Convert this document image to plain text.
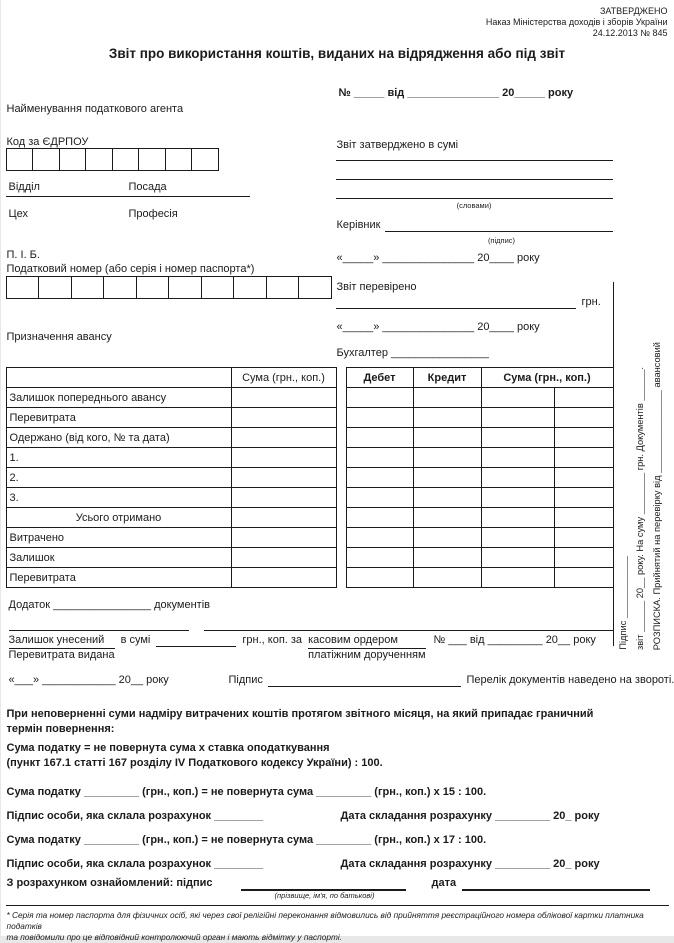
ЗАТВЕРДЖЕНО
Наказ Міністерства доходів і зборів України
24.12.2013 № 845
Звіт про використання коштів, виданих на відрядження або під звіт
№ _____ від _______________ 20_____ року
Найменування податкового агента
Код за ЄДРПОУ

Відділ	Посада
Цех	Професія
П. І. Б.
Податковий номер (або серія і номер паспорта*)

Призначення авансу
Звіт затверджено в сумі
(словами)
Керівник
(підпис)
«_____» _______________ 20____ року
Звіт перевірено
грн.
«_____» _______________ 20____ року
Бухгалтер ________________
	Сума (грн., коп.)
Залишок попереднього авансу	
Перевитрата	
Одержано (від кого, № та дата)	
1.	
2.	
3.	
Усього отримано	
Витрачено	
Залишок	
Перевитрата	
Дебет	Кредит	Сума (грн., коп.)	

Підпис ____________ звіт ______ 20__ року. На суму ________ грн. Документів ______. РОЗПИСКА. Прийнятий на перевірку від ________________ авансовий
Додаток ________________ документів
Залишок унесений
Перевитрата видана
в сумі	грн., коп. за касовим ордером
платіжним дорученням
№ ___ від _________ 20__ року
«___» ____________ 20__ року	Підпис	Перелік документів наведено на звороті.
При неповерненні суми надміру витрачених коштів протягом звітного місяця, на який припадає граничний
термін повернення:
Сума податку = не повернута сума х ставка оподаткування
(пункт 167.1 статті 167 розділу IV Податкового кодексу України) : 100.
Сума податку _________ (грн., коп.) = не повернута сума _________ (грн., коп.) х 15 : 100.
Підпис особи, яка склала розрахунок ________	Дата складання розрахунку _________ 20_ року
Сума податку _________ (грн., коп.) = не повернута сума _________ (грн., коп.) х 17 : 100.
Підпис особи, яка склала розрахунок ________	Дата складання розрахунку _________ 20_ року
З розрахунком ознайомлений: підпис	дата
(прізвище, ім'я, по батькові)
* Серія та номер паспорта для фізичних осіб, які через свої релігійні переконання відмовились від прийняття реєстраційного номера облікової картки платника податків
та повідомили про це відповідний контролюючий орган і мають відмітку у паспорті.
